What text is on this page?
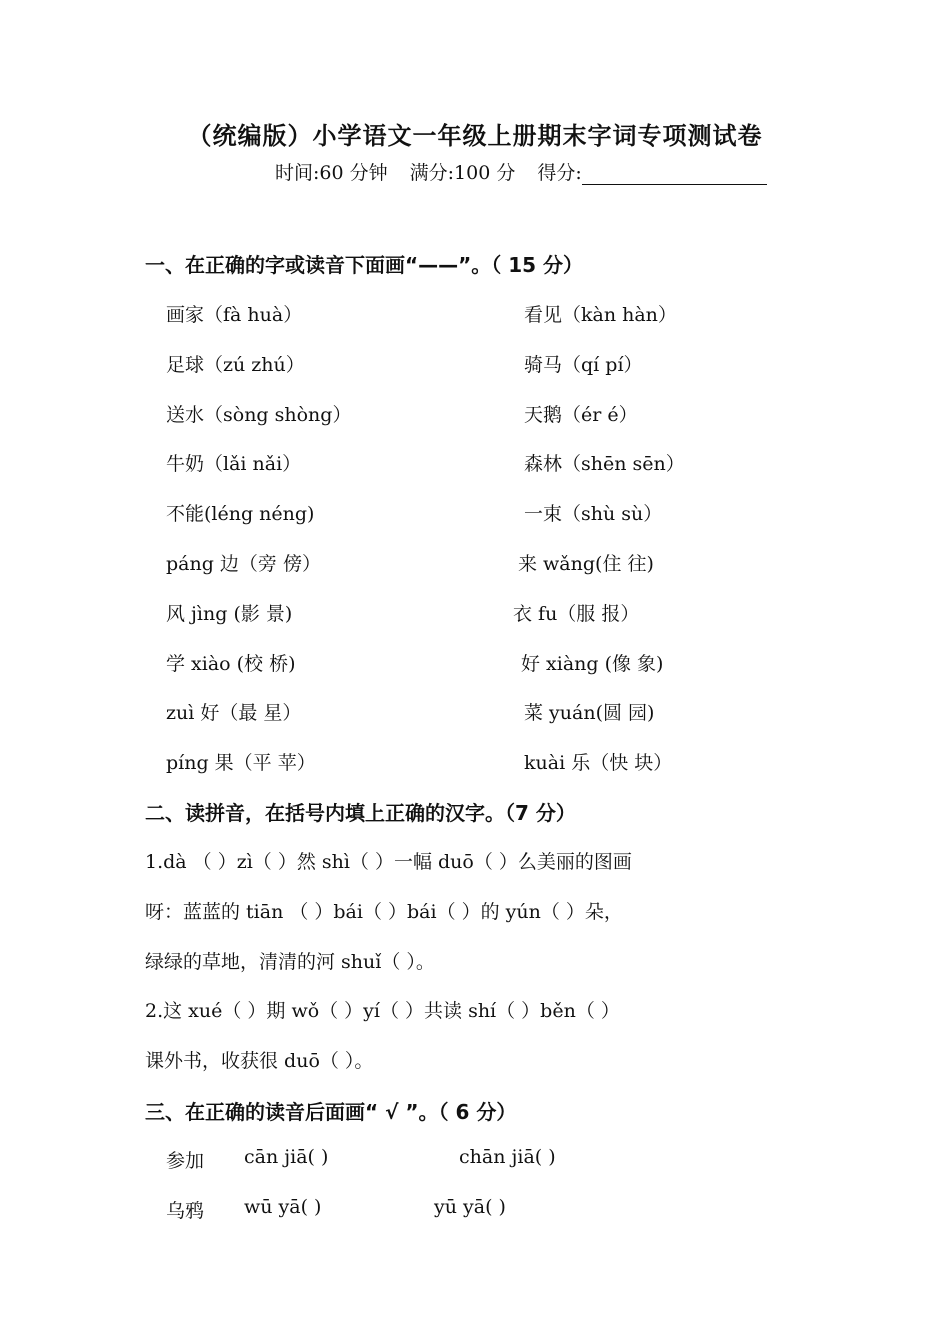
（统编版）小学语文一年级上册期末字词专项测试卷
时间:60 分钟 满分:100 分 得分:
一、在正确的字或读音下面画“——”。（ 15 分）
画家（fà huà）
足球（zú zhú）
送水（sòng shòng）
牛奶（lǎi nǎi）
不能(léng néng)
páng 边（旁 傍）
风 jìng (影 景)
学 xiào (校 桥)
zuì 好（最 星）
píng 果（平 苹）
看见（kàn hàn）
骑马（qí pí）
天鹅（ér é）
森林（shēn sēn）
一束（shù sù）
来 wǎng(住 往)
衣 fu（服 报）
好 xiàng (像 象)
菜 yuán(圆 园)
kuài 乐（快 块）
二、读拼音，在括号内填上正确的汉字。（7 分）
1.dà （ ）zì（ ）然 shì（ ）一幅 duō（ ）么美丽的图画
呀：蓝蓝的 tiān （ ）bái（ ）bái（ ）的 yún（ ）朵，
绿绿的草地，清清的河 shuǐ（ ）。
2.这 xué（ ）期 wǒ（ ）yí（ ）共读 shí（ ）běn（ ）
课外书，收获很 duō（ ）。
三、在正确的读音后面画“ √ ”。（ 6 分）
参加 cān jiā( )	chān jiā( )
乌鸦 wū yā( )	yū yā( )
